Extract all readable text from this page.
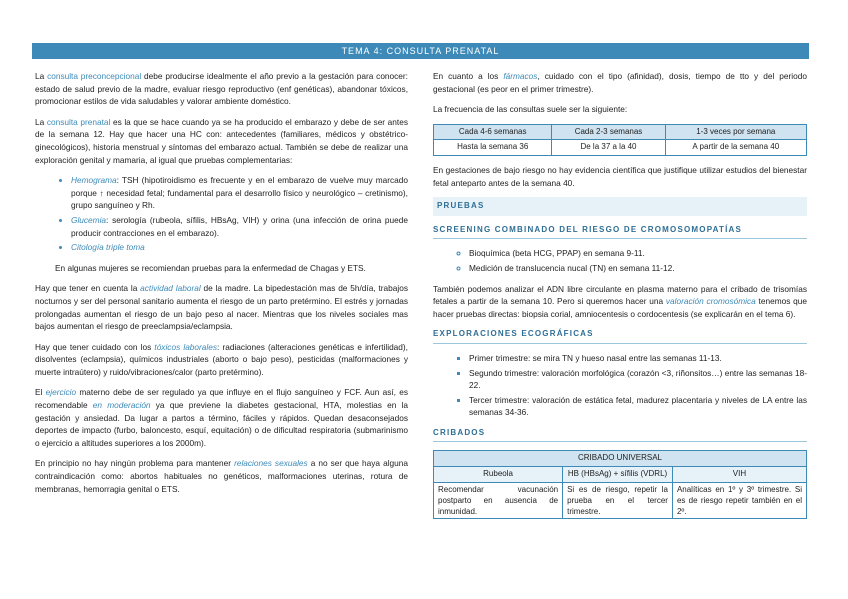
TEMA 4: CONSULTA PRENATAL

La consulta preconcepcional debe producirse idealmente el año previo a la gestación para conocer: estado de salud previo de la madre, evaluar riesgo reproductivo (enf genéticas), abandonar tóxicos, promocionar estilos de vida saludables y valorar ambiente doméstico.

La consulta prenatal es la que se hace cuando ya se ha producido el embarazo y debe de ser antes de la semana 12. Hay que hacer una HC con: antecedentes (familiares, médicos y obstétrico-ginecológicos), historia menstrual y síntomas del embarazo actual. También se debe de realizar una exploración genital y mamaria, al igual que pruebas complementarias:

• Hemograma: TSH (hipotiroidismo es frecuente y en el embarazo de vuelve muy marcado porque ↑ necesidad fetal; fundamental para el desarrollo físico y neurológico – cretinismo), grupo sanguíneo y Rh.
• Glucemia: serología (rubeola, sífilis, HBsAg, VIH) y orina (una infección de orina puede producir contracciones en el embarazo).
• Citología triple toma

En algunas mujeres se recomiendan pruebas para la enfermedad de Chagas y ETS.

Hay que tener en cuenta la actividad laboral de la madre. La bipedestación mas de 5h/día, trabajos nocturnos y ser del personal sanitario aumenta el riesgo de un parto pretérmino. El estrés y jornadas prolongadas aumentan el riesgo de un bajo peso al nacer. Mientras que los niveles sociales mas bajos aumentan el riesgo de preeclampsia/eclampsia.

Hay que tener cuidado con los tóxicos laborales: radiaciones (alteraciones genéticas e infertilidad), disolventes (eclampsia), químicos industriales (aborto o bajo peso), pesticidas (malformaciones y muerte intraútero) y ruido/vibraciones/calor (parto pretérmino).

El ejercicio materno debe de ser regulado ya que influye en el flujo sanguíneo y FCF. Aun así, es recomendable en moderación ya que previene la diabetes gestacional, HTA, molestias en la gestación y ansiedad. Da lugar a partos a término, fáciles y rápidos. Quedan desaconsejados deportes de impacto (furbo, baloncesto, esquí, equitación) o de dificultad respiratoria (submarinismo o ejercicio a altitudes superiores a los 2000m).

En principio no hay ningún problema para mantener relaciones sexuales a no ser que haya alguna contraindicación como: abortos habituales no genéticos, malformaciones uterinas, rotura de membranas, hemorragia genital o ETS.

En cuanto a los fármacos, cuidado con el tipo (afinidad), dosis, tiempo de tto y del periodo gestacional (es peor en el primer trimestre).

La frecuencia de las consultas suele ser la siguiente:

Cada 4-6 semanas	Cada 2-3 semanas	1-3 veces por semana
Hasta la semana 36	De la 37 a la 40	A partir de la semana 40

En gestaciones de bajo riesgo no hay evidencia científica que justifique utilizar estudios del bienestar fetal anteparto antes de la semana 40.

PRUEBAS
SCREENING COMBINADO DEL RIESGO DE CROMOSOMOPATÍAS
◦ Bioquímica (beta HCG, PPAP) en semana 9-11.
◦ Medición de translucencia nucal (TN) en semana 11-12.

También podemos analizar el ADN libre circulante en plasma materno para el cribado de trisomías fetales a partir de la semana 10. Pero si queremos hacer una valoración cromosómica tenemos que hacer pruebas directas: biopsia corial, amniocentesis o cordocentesis (se explicarán en el tema 6).

EXPLORACIONES ECOGRÁFICAS
▪ Primer trimestre: se mira TN y hueso nasal entre las semanas 11-13.
▪ Segundo trimestre: valoración morfológica (corazón <3, riñonsitos…) entre las semanas 18-22.
▪ Tercer trimestre: valoración de estática fetal, madurez placentaria y niveles de LA entre las semanas 34-36.
CRIBADOS
CRIBADO UNIVERSAL		
Rubeola	HB (HBsAg) + sífilis (VDRL)	VIH
Recomendar vacunación postparto en ausencia de inmunidad.	Si es de riesgo, repetir la prueba en el tercer trimestre.	Analíticas en 1º y 3º trimestre. Si es de riesgo repetir también en el 2º.
